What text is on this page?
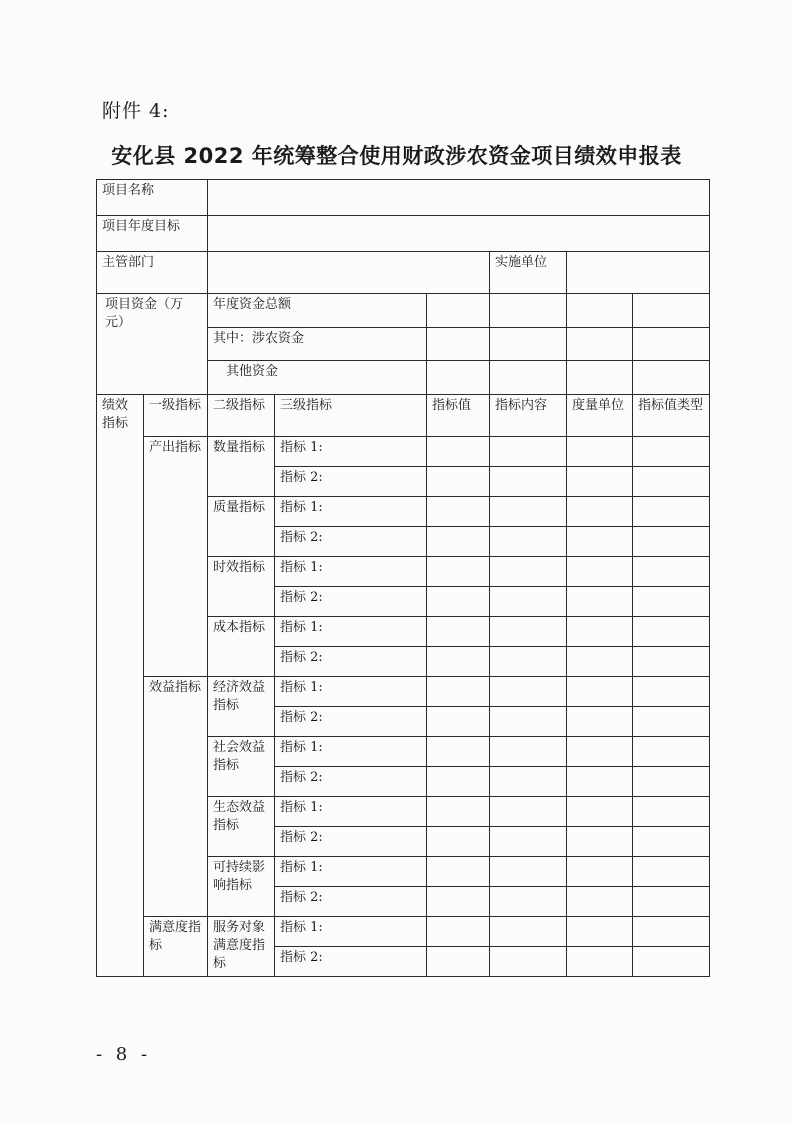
附件 4:
安化县 2022 年统筹整合使用财政涉农资金项目绩效申报表
项目名称							
项目年度目标							
主管部门					实施单位		
项目资金（万元）		年度资金总额					
		其中：涉农资金					
		其他资金					
绩效指标	一级指标	二级指标	三级指标	指标值	指标内容	度量单位	指标值类型
	产出指标	数量指标	指标 1:				
			指标 2:				
		质量指标	指标 1:				
			指标 2:				
		时效指标	指标 1:				
			指标 2:				
		成本指标	指标 1:				
			指标 2:				
	效益指标	经济效益指标	指标 1:				
			指标 2:				
		社会效益指标	指标 1:				
			指标 2:				
		生态效益指标	指标 1:				
			指标 2:				
		可持续影响指标	指标 1:				
			指标 2:				
	满意度指标	服务对象满意度指标	指标 1:				
			指标 2:				
- 8 -
